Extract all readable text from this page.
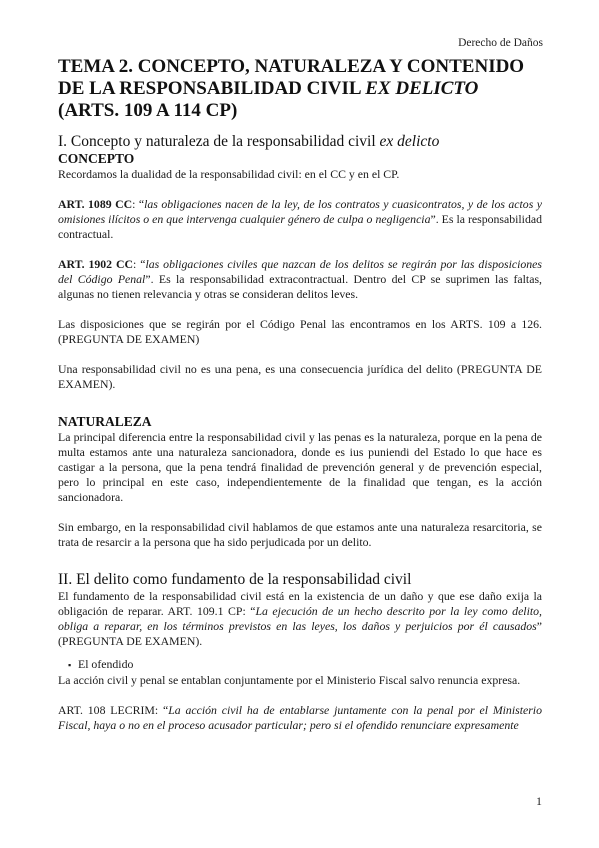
Derecho de Daños
TEMA 2. CONCEPTO, NATURALEZA Y CONTENIDO DE LA RESPONSABILIDAD CIVIL EX DELICTO (ARTS. 109 A 114 CP)
I. Concepto y naturaleza de la responsabilidad civil ex delicto
CONCEPTO

Recordamos la dualidad de la responsabilidad civil: en el CC y en el CP.

ART. 1089 CC: “las obligaciones nacen de la ley, de los contratos y cuasicontratos, y de los actos y omisiones ilícitos o en que intervenga cualquier género de culpa o negligencia”. Es la responsabilidad contractual.

ART. 1902 CC: “las obligaciones civiles que nazcan de los delitos se regirán por las disposiciones del Código Penal”. Es la responsabilidad extracontractual. Dentro del CP se suprimen las faltas, algunas no tienen relevancia y otras se consideran delitos leves.

Las disposiciones que se regirán por el Código Penal las encontramos en los ARTS. 109 a 126. (PREGUNTA DE EXAMEN)

Una responsabilidad civil no es una pena, es una consecuencia jurídica del delito (PREGUNTA DE EXAMEN).

NATURALEZA

La principal diferencia entre la responsabilidad civil y las penas es la naturaleza, porque en la pena de multa estamos ante una naturaleza sancionadora, donde es ius puniendi del Estado lo que hace es castigar a la persona, que la pena tendrá finalidad de prevención general y de prevención especial, pero lo principal en este caso, independientemente de la finalidad que tengan, es la acción sancionadora.

Sin embargo, en la responsabilidad civil hablamos de que estamos ante una naturaleza resarcitoria, se trata de resarcir a la persona que ha sido perjudicada por un delito.

II. El delito como fundamento de la responsabilidad civil

El fundamento de la responsabilidad civil está en la existencia de un daño y que ese daño exija la obligación de reparar. ART. 109.1 CP: “La ejecución de un hecho descrito por la ley como delito, obliga a reparar, en los términos previstos en las leyes, los daños y perjuicios por él causados” (PREGUNTA DE EXAMEN).

▪ El ofendido

La acción civil y penal se entablan conjuntamente por el Ministerio Fiscal salvo renuncia expresa.

ART. 108 LECRIM: “La acción civil ha de entablarse juntamente con la penal por el Ministerio Fiscal, haya o no en el proceso acusador particular; pero si el ofendido renunciare expresamente

1
